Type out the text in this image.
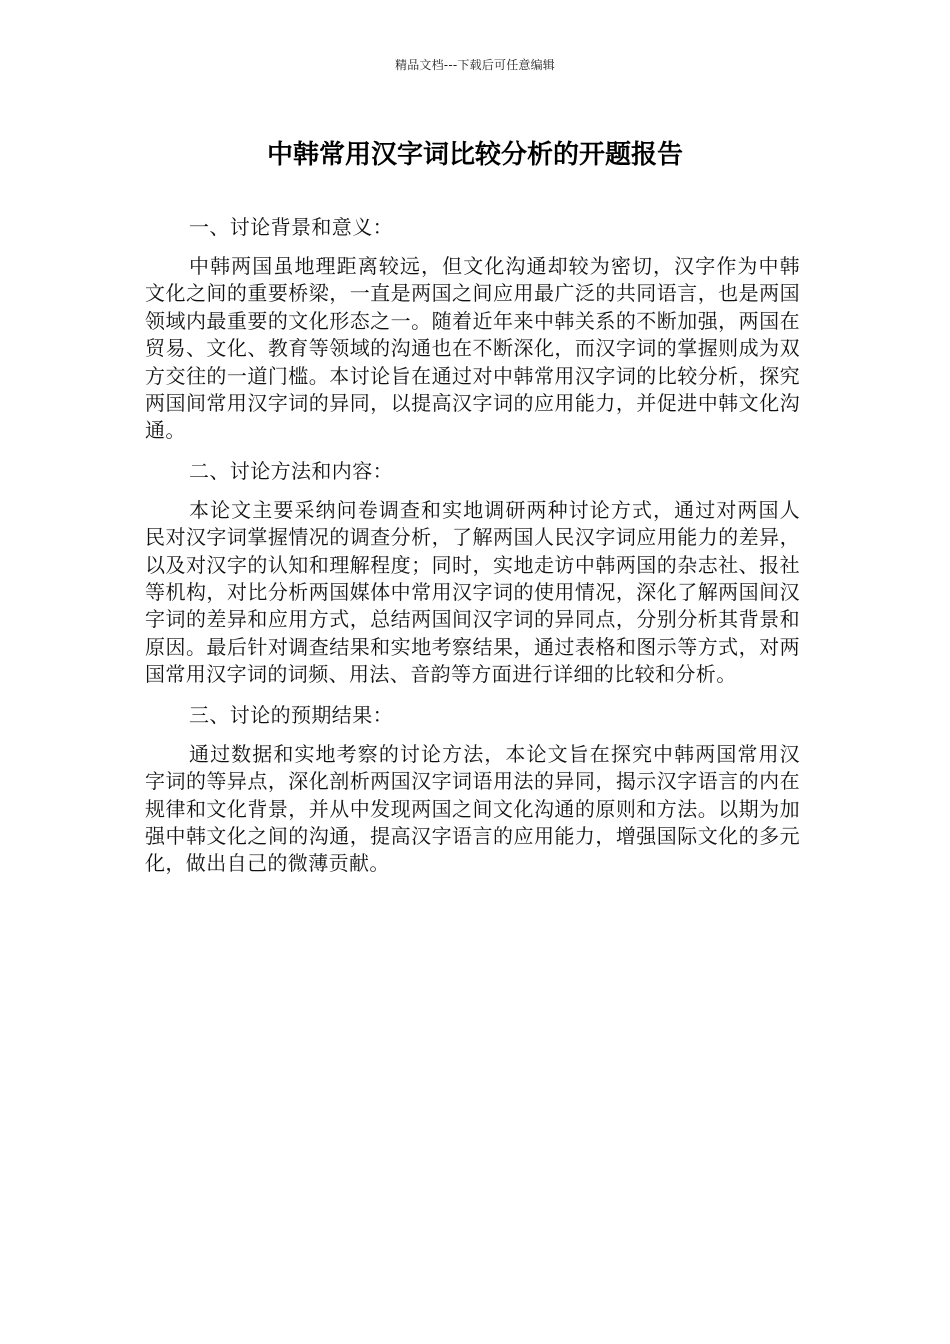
精品文档---下载后可任意编辑
中韩常用汉字词比较分析的开题报告

一、讨论背景和意义：

中韩两国虽地理距离较远，但文化沟通却较为密切，汉字作为中韩文化之间的重要桥梁，一直是两国之间应用最广泛的共同语言，也是两国领域内最重要的文化形态之一。随着近年来中韩关系的不断加强，两国在贸易、文化、教育等领域的沟通也在不断深化，而汉字词的掌握则成为双方交往的一道门槛。本讨论旨在通过对中韩常用汉字词的比较分析，探究两国间常用汉字词的异同，以提高汉字词的应用能力，并促进中韩文化沟通。

二、讨论方法和内容：

本论文主要采纳问卷调查和实地调研两种讨论方式，通过对两国人民对汉字词掌握情况的调查分析，了解两国人民汉字词应用能力的差异，以及对汉字的认知和理解程度；同时，实地走访中韩两国的杂志社、报社等机构，对比分析两国媒体中常用汉字词的使用情况，深化了解两国间汉字词的差异和应用方式，总结两国间汉字词的异同点，分别分析其背景和原因。最后针对调查结果和实地考察结果，通过表格和图示等方式，对两国常用汉字词的词频、用法、音韵等方面进行详细的比较和分析。

三、讨论的预期结果：

通过数据和实地考察的讨论方法，本论文旨在探究中韩两国常用汉字词的等异点，深化剖析两国汉字词语用法的异同，揭示汉字语言的内在规律和文化背景，并从中发现两国之间文化沟通的原则和方法。以期为加强中韩文化之间的沟通，提高汉字语言的应用能力，增强国际文化的多元化，做出自己的微薄贡献。
